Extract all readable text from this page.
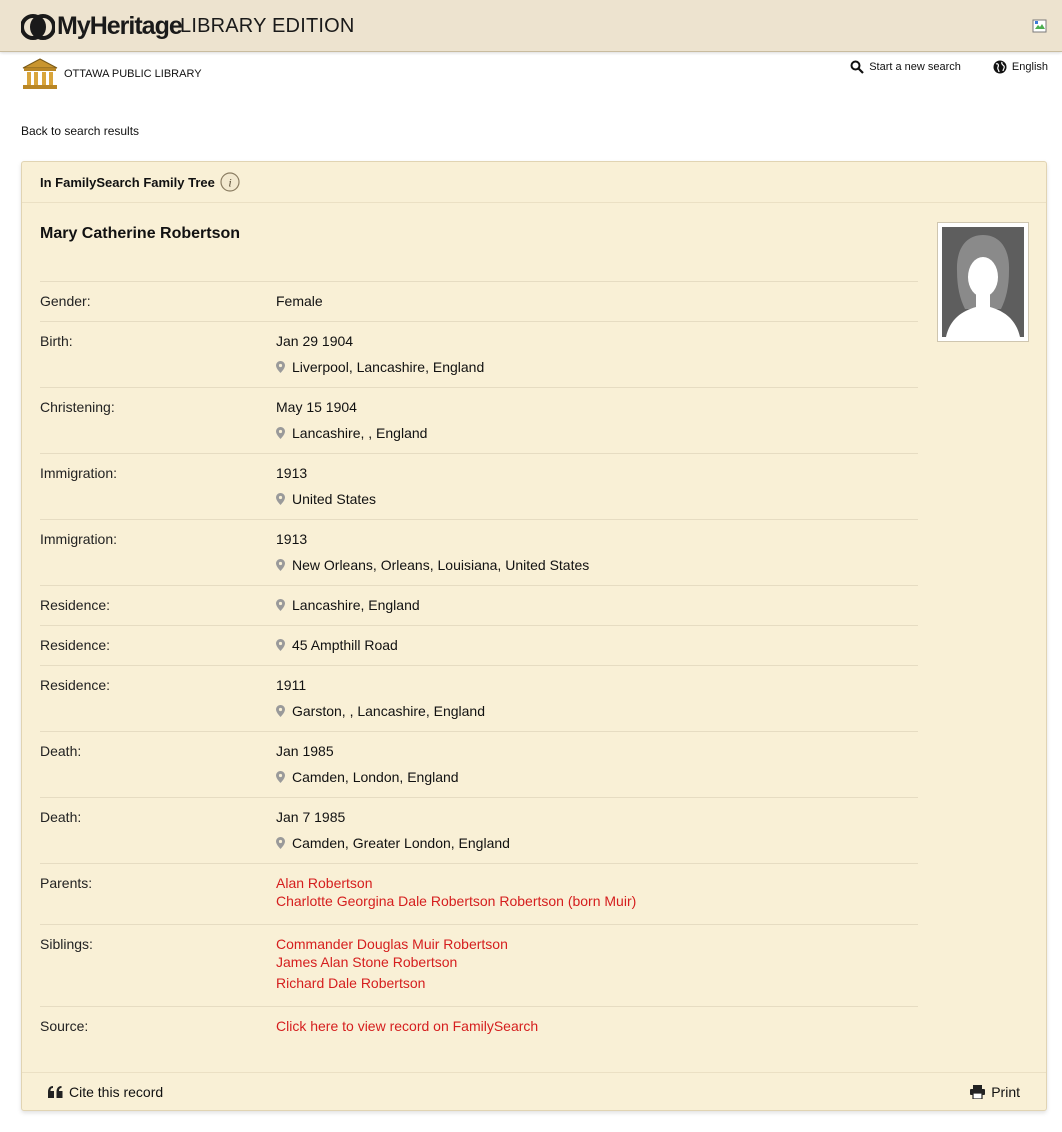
MyHeritage
LIBRARY EDITION
OTTAWA PUBLIC LIBRARY
Start a new search	English
Back to search results
In FamilySearch Family Tree i
Mary Catherine Robertson
Gender:	Female
Birth:	Jan 29 1904
Liverpool, Lancashire, England
Christening:	May 15 1904
Lancashire, , England
Immigration:	1913
United States
Immigration:	1913
New Orleans, Orleans, Louisiana, United States
Residence:	Lancashire, England
Residence:	45 Ampthill Road
Residence:	1911
Garston, , Lancashire, England
Death:	Jan 1985
Camden, London, England
Death:	Jan 7 1985
Camden, Greater London, England
Parents:	Alan Robertson
Charlotte Georgina Dale Robertson Robertson (born Muir)
Siblings:	Commander Douglas Muir Robertson
James Alan Stone Robertson
Richard Dale Robertson
Source:	Click here to view record on FamilySearch
Cite this record	Print
